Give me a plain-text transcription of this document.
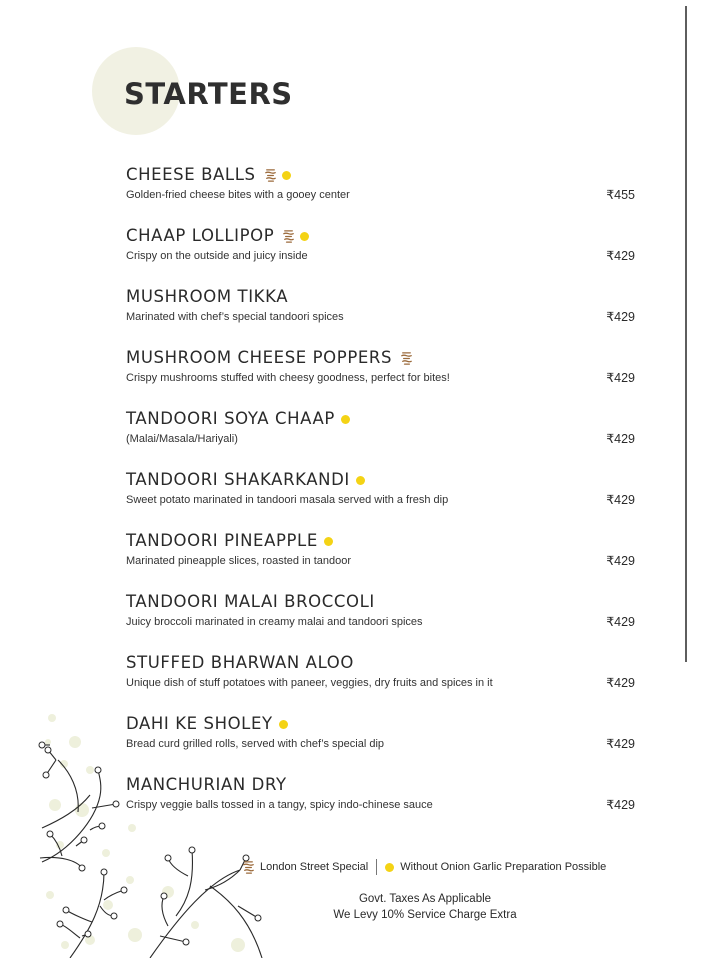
STARTERS
CHEESE BALLS
Golden-fried cheese bites with a gooey center	₹455
CHAAP LOLLIPOP
Crispy on the outside and juicy inside	₹429
MUSHROOM TIKKA
Marinated with chef’s special tandoori spices	₹429
MUSHROOM CHEESE POPPERS
Crispy mushrooms stuffed with cheesy goodness, perfect for bites!	₹429
TANDOORI SOYA CHAAP
(Malai/Masala/Hariyali)	₹429
TANDOORI SHAKARKANDI
Sweet potato marinated in tandoori masala served with a fresh dip	₹429
TANDOORI PINEAPPLE
Marinated pineapple slices, roasted in tandoor	₹429
TANDOORI MALAI BROCCOLI
Juicy broccoli marinated in creamy malai and tandoori spices	₹429
STUFFED BHARWAN ALOO
Unique dish of stuff potatoes with paneer, veggies, dry fruits and spices in it	₹429
DAHI KE SHOLEY
Bread curd grilled rolls, served with chef’s special dip	₹429
MANCHURIAN DRY
Crispy veggie balls tossed in a tangy, spicy indo-chinese sauce	₹429
London Street Special	Without Onion Garlic Preparation Possible
Govt. Taxes As Applicable
We Levy 10% Service Charge Extra
